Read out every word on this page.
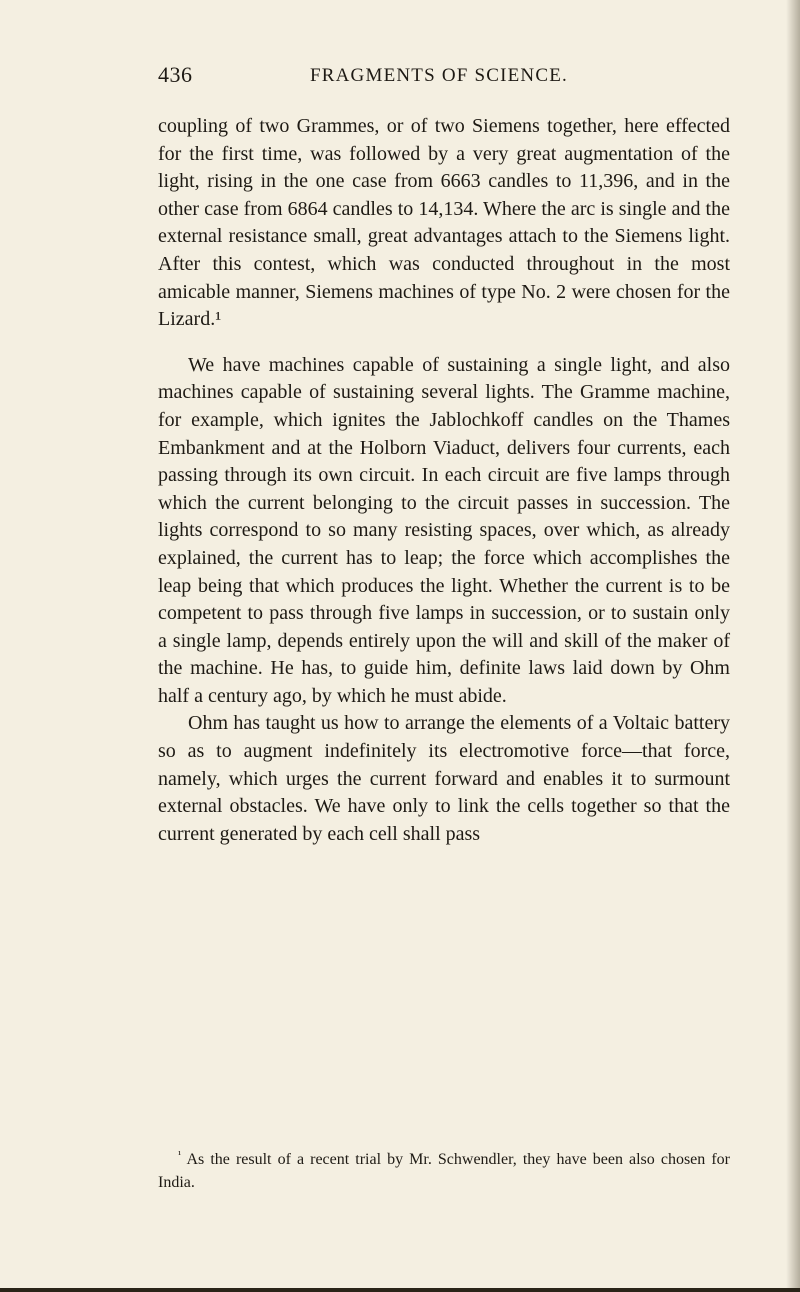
436	FRAGMENTS OF SCIENCE.

coupling of two Grammes, or of two Siemens together, here effected for the first time, was followed by a very great augmentation of the light, rising in the one case from 6663 candles to 11,396, and in the other case from 6864 candles to 14,134. Where the arc is single and the external resistance small, great advantages attach to the Siemens light. After this contest, which was conducted throughout in the most amicable manner, Siemens machines of type No. 2 were chosen for the Lizard.¹

We have machines capable of sustaining a single light, and also machines capable of sustaining several lights. The Gramme machine, for example, which ignites the Jablochkoff candles on the Thames Embankment and at the Holborn Viaduct, delivers four currents, each passing through its own circuit. In each circuit are five lamps through which the current belonging to the circuit passes in succession. The lights correspond to so many resisting spaces, over which, as already explained, the current has to leap; the force which accomplishes the leap being that which produces the light. Whether the current is to be competent to pass through five lamps in succession, or to sustain only a single lamp, depends entirely upon the will and skill of the maker of the machine. He has, to guide him, definite laws laid down by Ohm half a century ago, by which he must abide.

Ohm has taught us how to arrange the elements of a Voltaic battery so as to augment indefinitely its electromotive force—that force, namely, which urges the current forward and enables it to surmount external obstacles. We have only to link the cells together so that the current generated by each cell shall pass

$^{^1}$ As the result of a recent trial by Mr. Schwendler, they have been also chosen for India.
